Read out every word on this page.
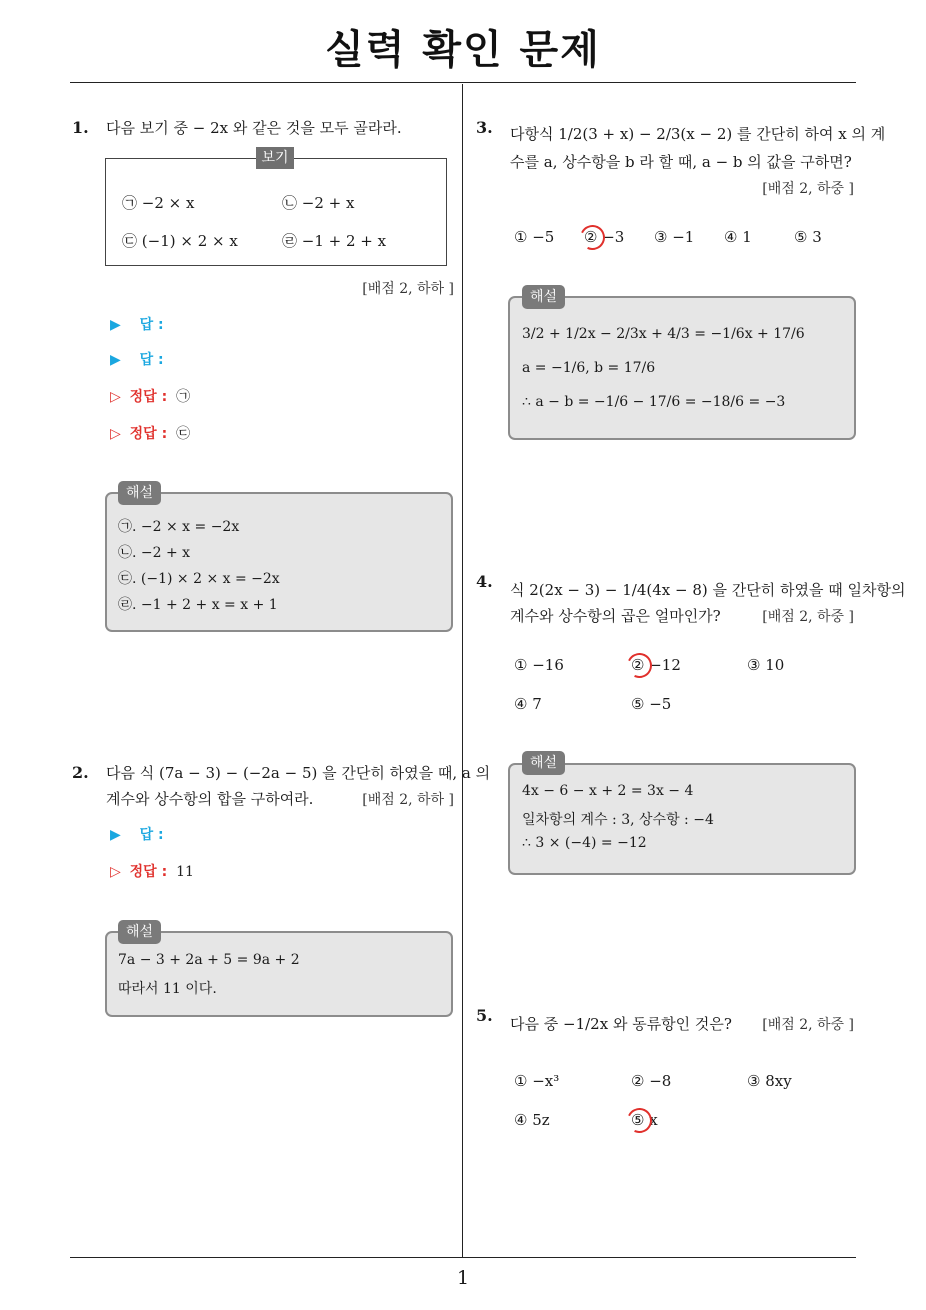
실력 확인 문제
1
1. 다음 보기 중 − 2x 와 같은 것을 모두 골라라.
보기
㉠ −2 × x	㉡ −2 + x
㉢ (−1) × 2 × x	㉣ −1 + 2 + x
[배점 2, 하하 ]
▶ 답 :
▶ 답 :
▷ 정답 : ㉠
▷ 정답 : ㉢
해설
㉠. −2 × x = −2x
㉡. −2 + x
㉢. (−1) × 2 × x = −2x
㉣. −1 + 2 + x = x + 1
2. 다음 식 (7a − 3) − (−2a − 5) 을 간단히 하였을 때, a 의
계수와 상수항의 합을 구하여라.	[배점 2, 하하 ]
▶ 답 :
▷ 정답 : 11
해설
7a − 3 + 2a + 5 = 9a + 2
따라서 11 이다.
3. 다항식 1/2(3 + x) − 2/3(x − 2) 를 간단히 하여 x 의 계
수를 a, 상수항을 b 라 할 때, a − b 의 값을 구하면?
[배점 2, 하중 ]
① −5 ② −3 ③ −1 ④ 1	⑤ 3
해설
3/2 + 1/2x − 2/3x + 4/3 = −1/6x + 17/6
a = −1/6, b = 17/6
∴ a − b = −1/6 − 17/6 = −18/6 = −3
4. 식 2(2x − 3) − 1/4(4x − 8) 을 간단히 하였을 때 일차항의
계수와 상수항의 곱은 얼마인가?	[배점 2, 하중 ]
① −16	② −12	③ 10
④ 7	⑤ −5
해설
4x − 6 − x + 2 = 3x − 4
일차항의 계수 : 3, 상수항 : −4
∴ 3 × (−4) = −12
5. 다음 중 −1/2x 와 동류항인 것은?	[배점 2, 하중 ]
① −x³	② −8	③ 8xy
④ 5z	⑤ x
